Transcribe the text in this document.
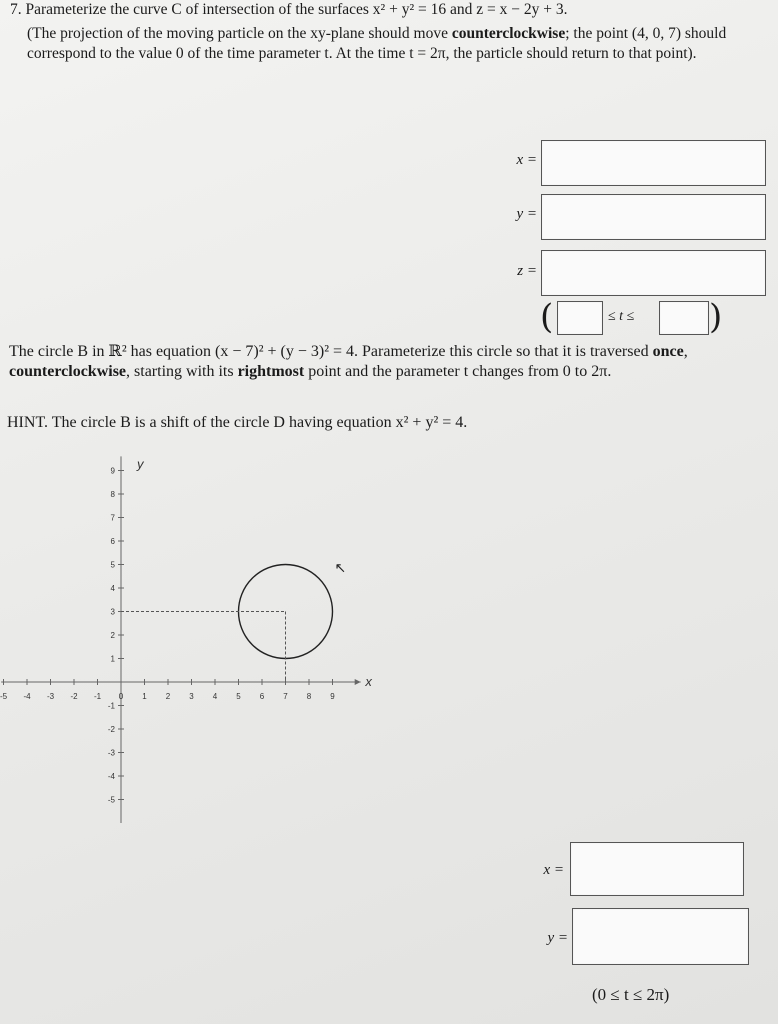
7. Parameterize the curve C of intersection of the surfaces x² + y² = 16 and z = x − 2y + 3.
(The projection of the moving particle on the xy-plane should move counterclockwise; the point (4, 0, 7) should correspond to the value 0 of the time parameter t. At the time t = 2π, the particle should return to that point).
x =
y =
z =
(	≤ t ≤ )
The circle B in ℝ² has equation (x − 7)² + (y − 3)² = 4. Parameterize this circle so that it is traversed once, counterclockwise, starting with its rightmost point and the parameter t changes from 0 to 2π.
HINT. The circle B is a shift of the circle D having equation x² + y² = 4.
-5 -4 -3 -2 -1 0 1 2 3 4 5 6 7 8 9
9
8
7
6
5
4
3
2
1
-1
-2
-3
-4
-5
x
y
↖
x =
y =
(0 ≤ t ≤ 2π)
